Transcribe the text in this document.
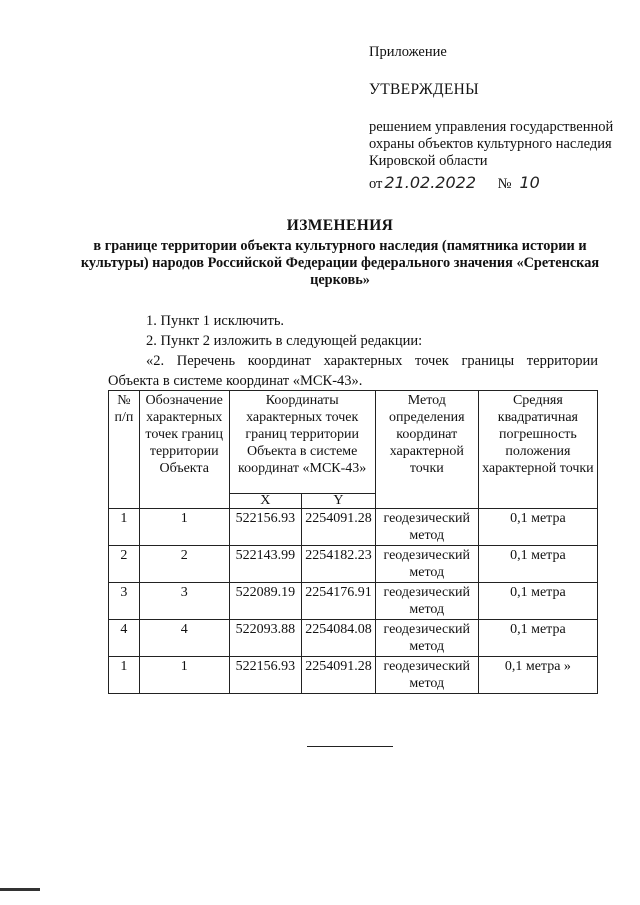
Приложение
УТВЕРЖДЕНЫ
решением управления государственной охраны объектов культурного наследия Кировской области
от 21.02.2022 № 10
ИЗМЕНЕНИЯ
в границе территории объекта культурного наследия (памятника истории и культуры) народов Российской Федерации федерального значения «Сретенская церковь»

1. Пункт 1 исключить.

2. Пункт 2 изложить в следующей редакции:

«2. Перечень координат характерных точек границы территории Объекта в системе координат «МСК-43».

№ п/п	Обозначение характерных точек границ территории Объекта	Координаты характерных точек границ территории Объекта в системе координат «МСК-43»		Метод определения координат характерной точки	Средняя квадратичная погрешность положения характерной точки
		X	Y		
1	1	522156.93	2254091.28	геодезический метод	0,1 метра
2	2	522143.99	2254182.23	геодезический метод	0,1 метра
3	3	522089.19	2254176.91	геодезический метод	0,1 метра
4	4	522093.88	2254084.08	геодезический метод	0,1 метра
1	1	522156.93	2254091.28	геодезический метод	0,1 метра »
